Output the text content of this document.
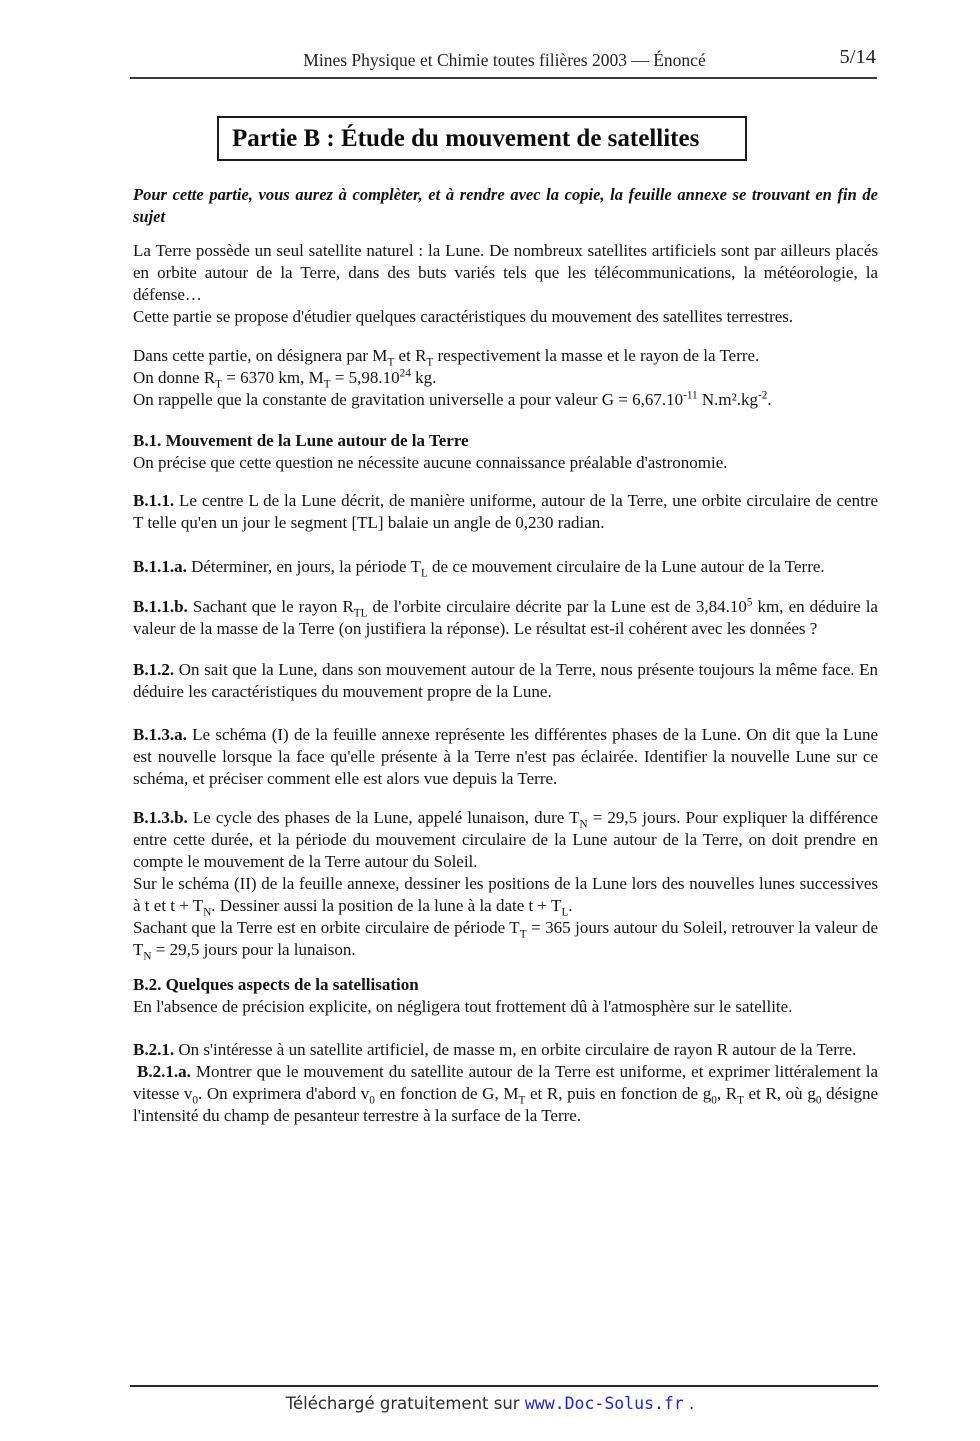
Mines Physique et Chimie toutes filières 2003 — Énoncé	5/14
Partie B : Étude du mouvement de satellites
Pour cette partie, vous aurez à complèter, et à rendre avec la copie, la feuille annexe se trouvant en fin de sujet
La Terre possède un seul satellite naturel : la Lune. De nombreux satellites artificiels sont par ailleurs placés en orbite autour de la Terre, dans des buts variés tels que les télécommunications, la météorologie, la défense…
Cette partie se propose d'étudier quelques caractéristiques du mouvement des satellites terrestres.
Dans cette partie, on désignera par $M_T$ et $R_T$ respectivement la masse et le rayon de la Terre.
On donne $R_T = 6370$ km, $M_T = 5,98.10^{24}$ kg.
On rappelle que la constante de gravitation universelle a pour valeur $G = 6,67.10^{-11}$ $N.m^2.kg^{-2}$.
B.1. Mouvement de la Lune autour de la Terre
On précise que cette question ne nécessite aucune connaissance préalable d'astronomie.
B.1.1. Le centre L de la Lune décrit, de manière uniforme, autour de la Terre, une orbite circulaire de centre T telle qu'en un jour le segment [TL] balaie un angle de 0,230 radian.
B.1.1.a. Déterminer, en jours, la période $T_L$ de ce mouvement circulaire de la Lune autour de la Terre.
B.1.1.b. Sachant que le rayon $R_{TL}$ de l'orbite circulaire décrite par la Lune est de 3,84.10$^5$ km, en déduire la valeur de la masse de la Terre (on justifiera la réponse). Le résultat est-il cohérent avec les données ?
B.1.2. On sait que la Lune, dans son mouvement autour de la Terre, nous présente toujours la même face. En déduire les caractéristiques du mouvement propre de la Lune.
B.1.3.a. Le schéma (I) de la feuille annexe représente les différentes phases de la Lune. On dit que la Lune est nouvelle lorsque la face qu'elle présente à la Terre n'est pas éclairée. Identifier la nouvelle Lune sur ce schéma, et préciser comment elle est alors vue depuis la Terre.
B.1.3.b. Le cycle des phases de la Lune, appelé lunaison, dure $T_N = 29,5$ jours. Pour expliquer la différence entre cette durée, et la période du mouvement circulaire de la Lune autour de la Terre, on doit prendre en compte le mouvement de la Terre autour du Soleil.
Sur le schéma (II) de la feuille annexe, dessiner les positions de la Lune lors des nouvelles lunes successives à t et $t + T_N$. Dessiner aussi la position de la lune à la date $t + T_L$.
Sachant que la Terre est en orbite circulaire de période $T_T = 365$ jours autour du Soleil, retrouver la valeur de $T_N = 29,5$ jours pour la lunaison.
B.2. Quelques aspects de la satellisation
En l'absence de précision explicite, on négligera tout frottement dû à l'atmosphère sur le satellite.
B.2.1. On s'intéresse à un satellite artificiel, de masse m, en orbite circulaire de rayon R autour de la Terre.
B.2.1.a. Montrer que le mouvement du satellite autour de la Terre est uniforme, et exprimer littéralement la vitesse $v_0$. On exprimera d'abord $v_0$ en fonction de G, $M_T$ et R, puis en fonction de $g_0$, $R_T$ et R, où $g_0$ désigne l'intensité du champ de pesanteur terrestre à la surface de la Terre.
Téléchargé gratuitement sur www.Doc-Solus.fr .
